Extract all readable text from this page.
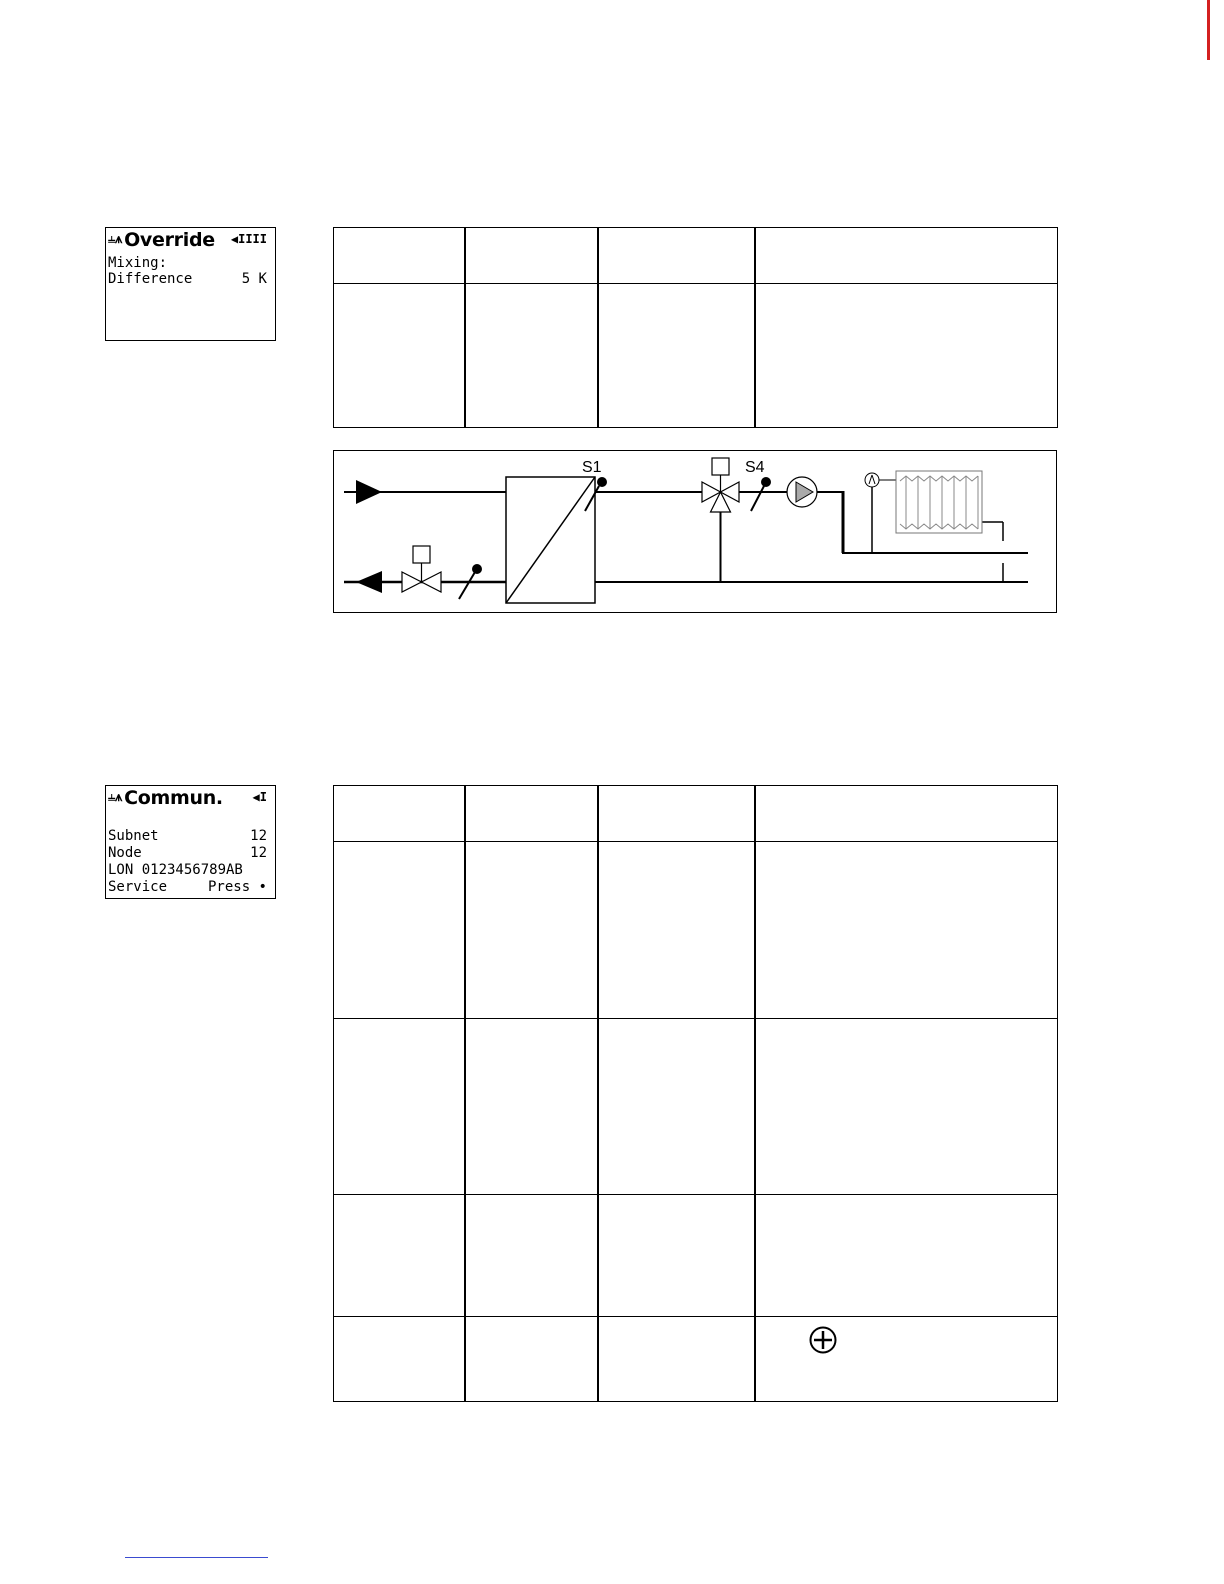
⫨⩚ Override ◀IIII
Mixing:
Difference	5 K

S1	S4
⫨⩚ Commun. ◀I
Subnet	12
Node	12
LON 0123456789AB
Service	Press •
